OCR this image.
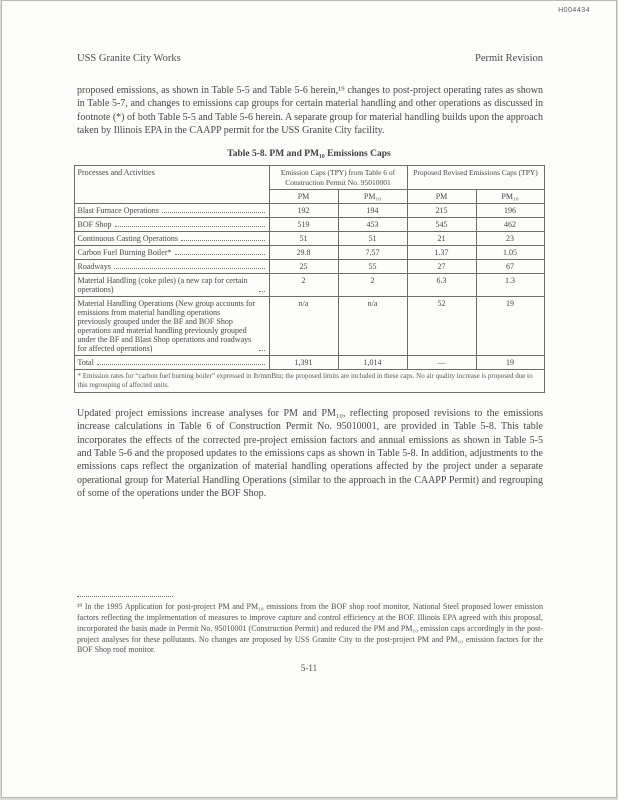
H004434
USS Granite City Works	Permit Revision

proposed emissions, as shown in Table 5-5 and Table 5-6 herein,¹⁹ changes to post-project operating rates as shown in Table 5-7, and changes to emissions cap groups for certain material handling and other operations as discussed in footnote (*) of both Table 5-5 and Table 5-6 herein. A separate group for material handling builds upon the approach taken by Illinois EPA in the CAAPP permit for the USS Granite City facility.

Table 5-8. PM and PM₁₀ Emissions Caps
Processes and Activities	Emission Caps (TPY) from Table 6 of Construction Permit No. 95010001		Proposed Revised Emissions Caps (TPY)	
	PM	PM₁₀	PM	PM₁₀

Blast Furnace Operations	192	194	215	196

BOF Shop	519	453	545	462

Continuous Casting Operations	51	51	21	23

Carbon Fuel Burning Boiler*	29.8	7.57	1.37	1.05

Roadways	25	55	27	67

Material Handling (coke piles) (a new cap for certain operations)	2	2	6.3	1.3

Material Handling Operations (New group accounts for emissions from material handling operations previously grouped under the BF and BOF Shop operations and material handling previously grouped under the BF and Blast Shop operations and roadways for affected operations)	n/a	n/a	52	19

Total	1,391	1,014	—	19
* Emission rates for “carbon fuel burning boiler” expressed in lb/mmBtu; the proposed limits are included in these caps. No air quality increase is proposed due to this regrouping of affected units.				

Updated project emissions increase analyses for PM and PM₁₀, reflecting proposed revisions to the emissions increase calculations in Table 6 of Construction Permit No. 95010001, are provided in Table 5-8. This table incorporates the effects of the corrected pre-project emission factors and annual emissions as shown in Table 5-5 and Table 5-6 and the proposed updates to the emissions caps as shown in Table 5-8. In addition, adjustments to the emissions caps reflect the organization of material handling operations affected by the project under a separate operational group for Material Handling Operations (similar to the approach in the CAAPP Permit) and regrouping of some of the operations under the BOF Shop.

¹⁹ In the 1995 Application for post-project PM and PM₁₀ emissions from the BOF shop roof monitor, National Steel proposed lower emission factors reflecting the implementation of measures to improve capture and control efficiency at the BOF. Illinois EPA agreed with this proposal, incorporated the basis made in Permit No. 95010001 (Construction Permit) and reduced the PM and PM₁₀ emission caps accordingly in the post-project analyses for these pollutants. No changes are proposed by USS Granite City to the post-project PM and PM₁₀ emission factors for the BOF Shop roof monitor.

5-11
